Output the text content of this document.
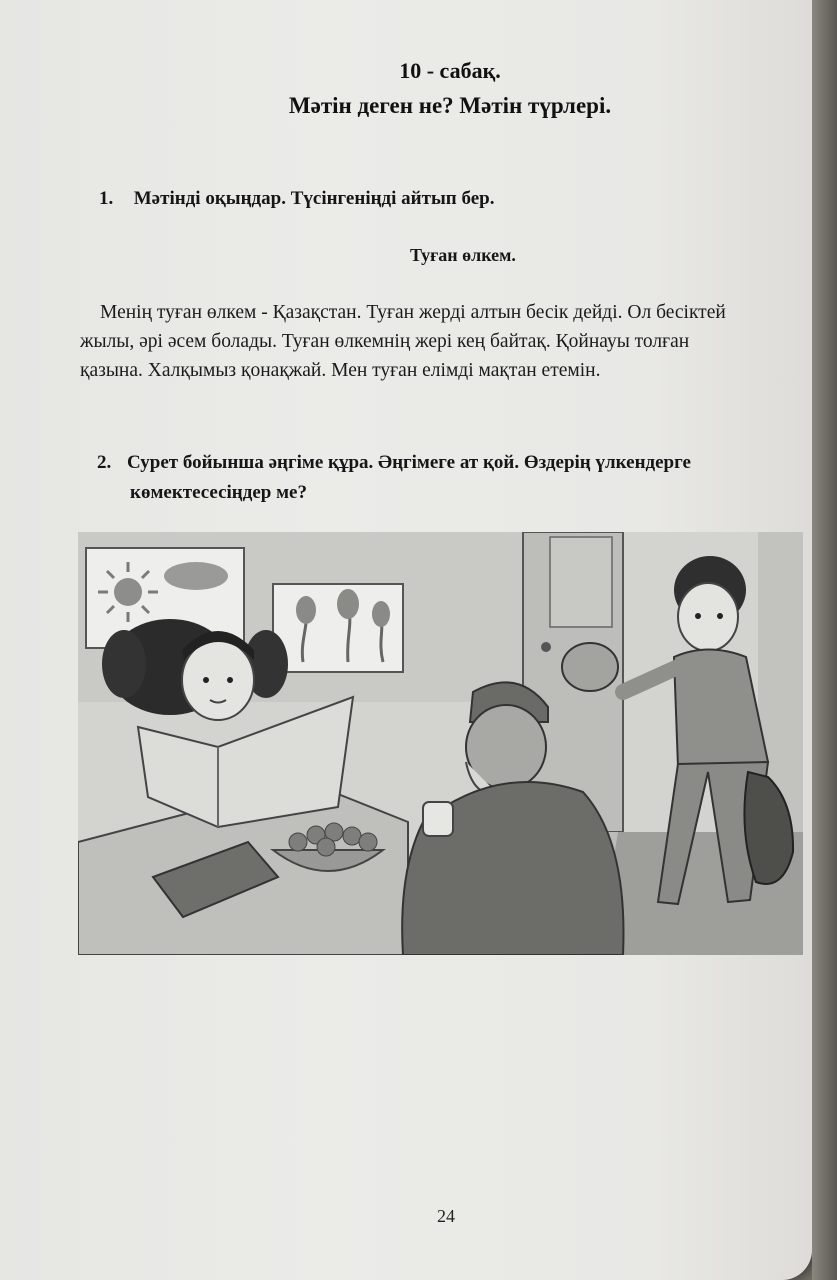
10 - сабақ.
Мәтін деген не? Мәтін түрлері.
1. Мәтінді оқыңдар. Түсінгеніңді айтып бер.
Туған өлкем.
Менің туған өлкем - Қазақстан. Туған жерді алтын бесік дейді. Ол бесіктей
жылы, әрі әсем болады. Туған өлкемнің жері кең байтақ. Қойнауы толған
қазына. Халқымыз қонақжай. Мен туған елімді мақтан етемін.
2. Сурет бойынша әңгіме құра. Әңгімеге ат қой. Өздерің үлкендерге
көмектесесіңдер ме?
24
